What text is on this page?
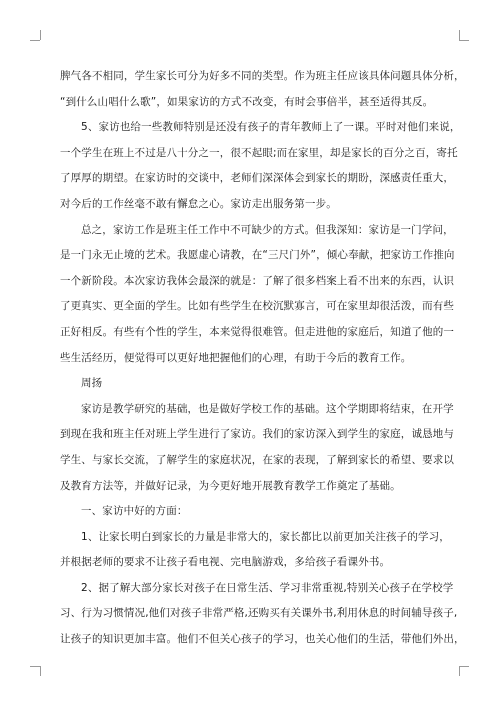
脾气各不相同，学生家长可分为好多不同的类型。作为班主任应该具体问题具体分析，
“到什么山唱什么歌”，如果家访的方式不改变，有时会事倍半，甚至适得其反。

5、家访也给一些教师特别是还没有孩子的青年教师上了一课。平时对他们来说，
一个学生在班上不过是八十分之一，很不起眼;而在家里，却是家长的百分之百，寄托
了厚厚的期望。在家访时的交谈中，老师们深深体会到家长的期盼，深感责任重大，
对今后的工作丝毫不敢有懈怠之心。家访走出服务第一步。

总之，家访工作是班主任工作中不可缺少的方式。但我深知：家访是一门学问，
是一门永无止境的艺术。我愿虚心请教，在“三尺门外”，倾心奉献，把家访工作推向
一个新阶段。本次家访我体会最深的就是：了解了很多档案上看不出来的东西，认识
了更真实、更全面的学生。比如有些学生在校沉默寡言，可在家里却很活泼，而有些
正好相反。有些有个性的学生，本来觉得很难管。但走进他的家庭后，知道了他的一
些生活经历，便觉得可以更好地把握他们的心理，有助于今后的教育工作。

周扬

家访是教学研究的基础，也是做好学校工作的基础。这个学期即将结束，在开学
到现在我和班主任对班上学生进行了家访。我们的家访深入到学生的家庭，诚恳地与
学生、与家长交流，了解学生的家庭状况，在家的表现，了解到家长的希望、要求以
及教育方法等，并做好记录，为今更好地开展教育教学工作奠定了基础。

一、家访中好的方面：

1、让家长明白到家长的力量是非常大的，家长都比以前更加关注孩子的学习，
并根据老师的要求不让孩子看电视、完电脑游戏，多给孩子看课外书。

2、据了解大部分家长对孩子在日常生活、学习非常重视,特别关心孩子在学校学
习、行为习惯情况,他们对孩子非常严格,还购买有关课外书,利用休息的时间辅导孩子,
让孩子的知识更加丰富。他们不但关心孩子的学习，也关心他们的生活，带他们外出，
